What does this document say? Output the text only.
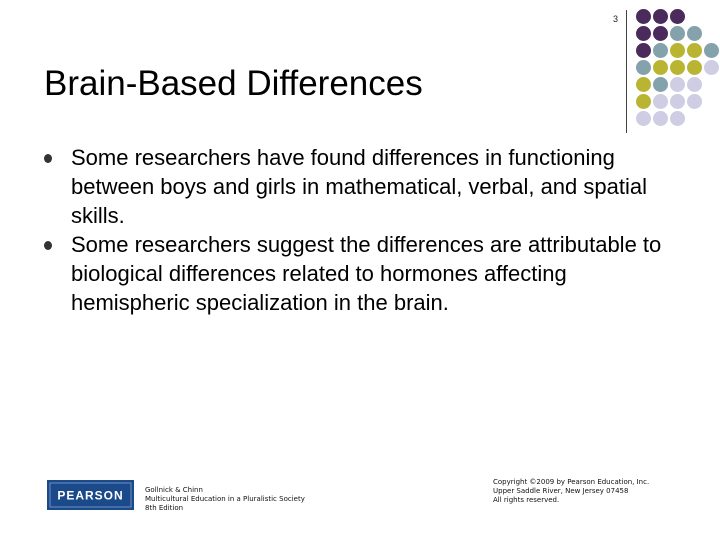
3
Brain-Based Differences
Some researchers have found differences in functioning between boys and girls in mathematical, verbal, and spatial skills.
Some researchers suggest the differences are attributable to biological differences related to hormones affecting hemispheric specialization in the brain.
PEARSON	Gollnick & Chinn
Multicultural Education in a Pluralistic Society
8th Edition
Copyright ©2009 by Pearson Education, Inc.
Upper Saddle River, New Jersey 07458
All rights reserved.
